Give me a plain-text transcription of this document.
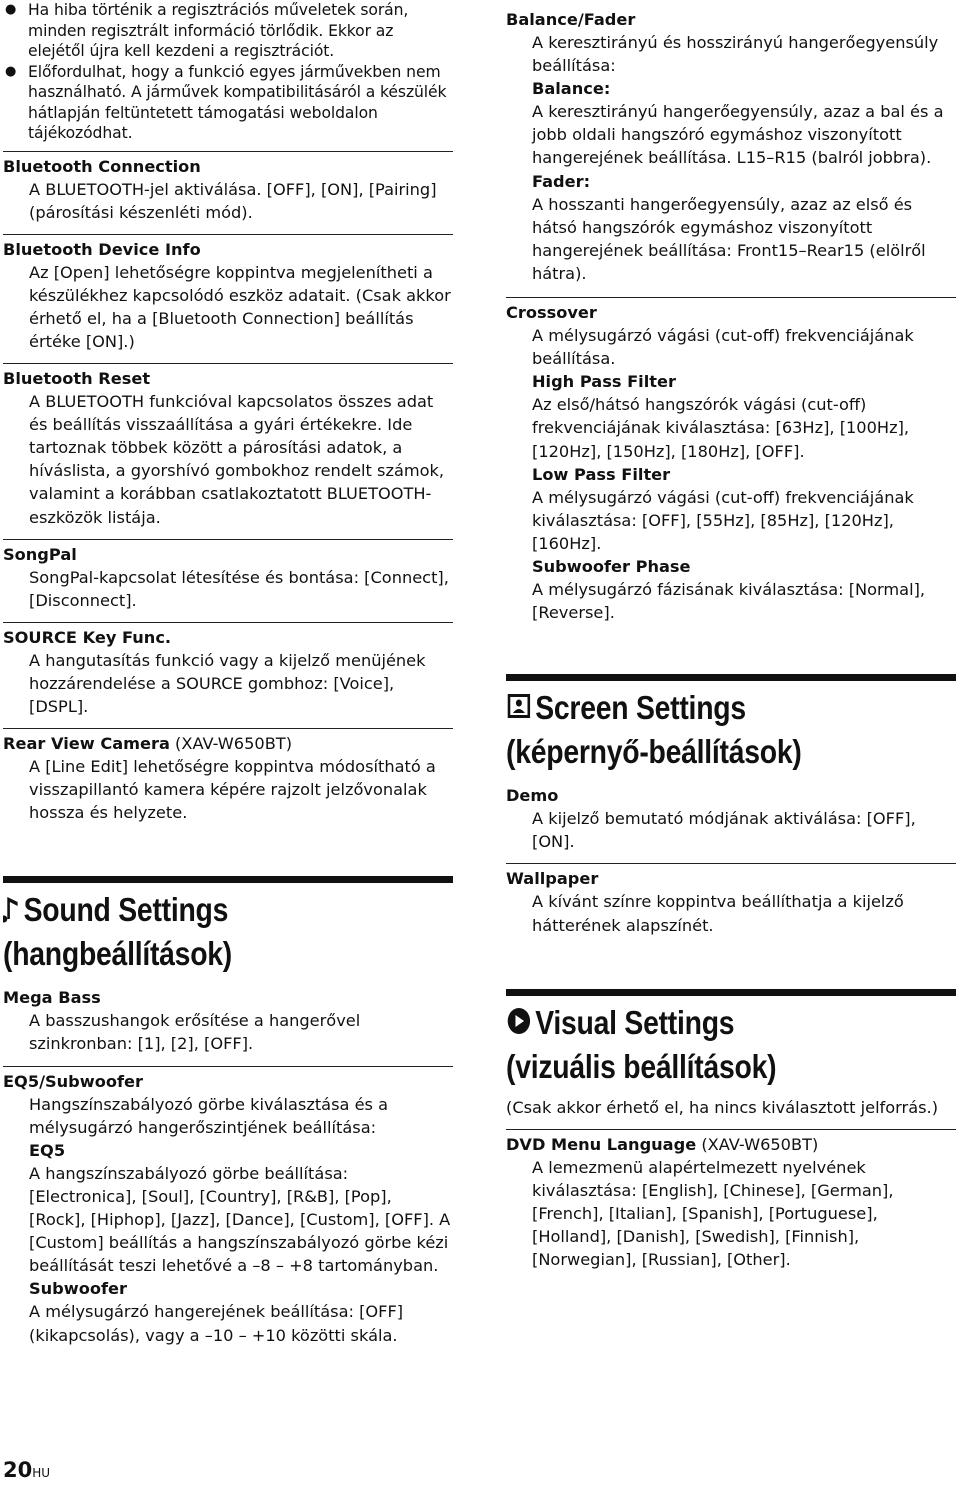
● Ha hiba történik a regisztrációs műveletek során, minden regisztrált információ törlődik. Ekkor az elejétől újra kell kezdeni a regisztrációt.
● Előfordulhat, hogy a funkció egyes járművekben nem használható. A járművek kompatibilitásáról a készülék hátlapján feltüntetett támogatási weboldalon tájékozódhat.
Bluetooth Connection

A BLUETOOTH-jel aktiválása. [OFF], [ON], [Pairing] (párosítási készenléti mód).

Bluetooth Device Info

Az [Open] lehetőségre koppintva megjelenítheti a készülékhez kapcsolódó eszköz adatait. (Csak akkor érhető el, ha a [Bluetooth Connection] beállítás értéke [ON].)

Bluetooth Reset

A BLUETOOTH funkcióval kapcsolatos összes adat és beállítás visszaállítása a gyári értékekre. Ide tartoznak többek között a párosítási adatok, a híváslista, a gyorshívó gombokhoz rendelt számok, valamint a korábban csatlakoztatott BLUETOOTH-eszközök listája.

SongPal

SongPal-kapcsolat létesítése és bontása: [Connect], [Disconnect].

SOURCE Key Func.

A hangutasítás funkció vagy a kijelző menüjének hozzárendelése a SOURCE gombhoz: [Voice], [DSPL].

Rear View Camera (XAV-W650BT)

A [Line Edit] lehetőségre koppintva módosítható a visszapillantó kamera képére rajzolt jelzővonalak hossza és helyzete.

Sound Settings
(hangbeállítások)
Mega Bass

A basszushangok erősítése a hangerővel szinkronban: [1], [2], [OFF].

EQ5/Subwoofer

Hangszínszabályozó görbe kiválasztása és a mélysugárzó hangerőszintjének beállítása:

EQ5

A hangszínszabályozó görbe beállítása: [Electronica], [Soul], [Country], [R&B], [Pop], [Rock], [Hiphop], [Jazz], [Dance], [Custom], [OFF]. A [Custom] beállítás a hangszínszabályozó görbe kézi beállítását teszi lehetővé a –8 – +8 tartományban.

Subwoofer

A mélysugárzó hangerejének beállítása: [OFF] (kikapcsolás), vagy a –10 – +10 közötti skála.

Balance/Fader

A keresztirányú és hosszirányú hangerőegyensúly beállítása:

Balance:

A keresztirányú hangerőegyensúly, azaz a bal és a jobb oldali hangszóró egymáshoz viszonyított hangerejének beállítása. L15–R15 (balról jobbra).

Fader:

A hosszanti hangerőegyensúly, azaz az első és hátsó hangszórók egymáshoz viszonyított hangerejének beállítása: Front15–Rear15 (elölről hátra).

Crossover

A mélysugárzó vágási (cut-off) frekvenciájának beállítása.

High Pass Filter

Az első/hátsó hangszórók vágási (cut-off) frekvenciájának kiválasztása: [63Hz], [100Hz], [120Hz], [150Hz], [180Hz], [OFF].

Low Pass Filter

A mélysugárzó vágási (cut-off) frekvenciájának kiválasztása: [OFF], [55Hz], [85Hz], [120Hz], [160Hz].

Subwoofer Phase

A mélysugárzó fázisának kiválasztása: [Normal], [Reverse].

Screen Settings
(képernyő-beállítások)
Demo

A kijelző bemutató módjának aktiválása: [OFF], [ON].

Wallpaper

A kívánt színre koppintva beállíthatja a kijelző hátterének alapszínét.

Visual Settings
(vizuális beállítások)

(Csak akkor érhető el, ha nincs kiválasztott jelforrás.)

DVD Menu Language (XAV-W650BT)

A lemezmenü alapértelmezett nyelvének kiválasztása: [English], [Chinese], [German], [French], [Italian], [Spanish], [Portuguese], [Holland], [Danish], [Swedish], [Finnish], [Norwegian], [Russian], [Other].

20HU
